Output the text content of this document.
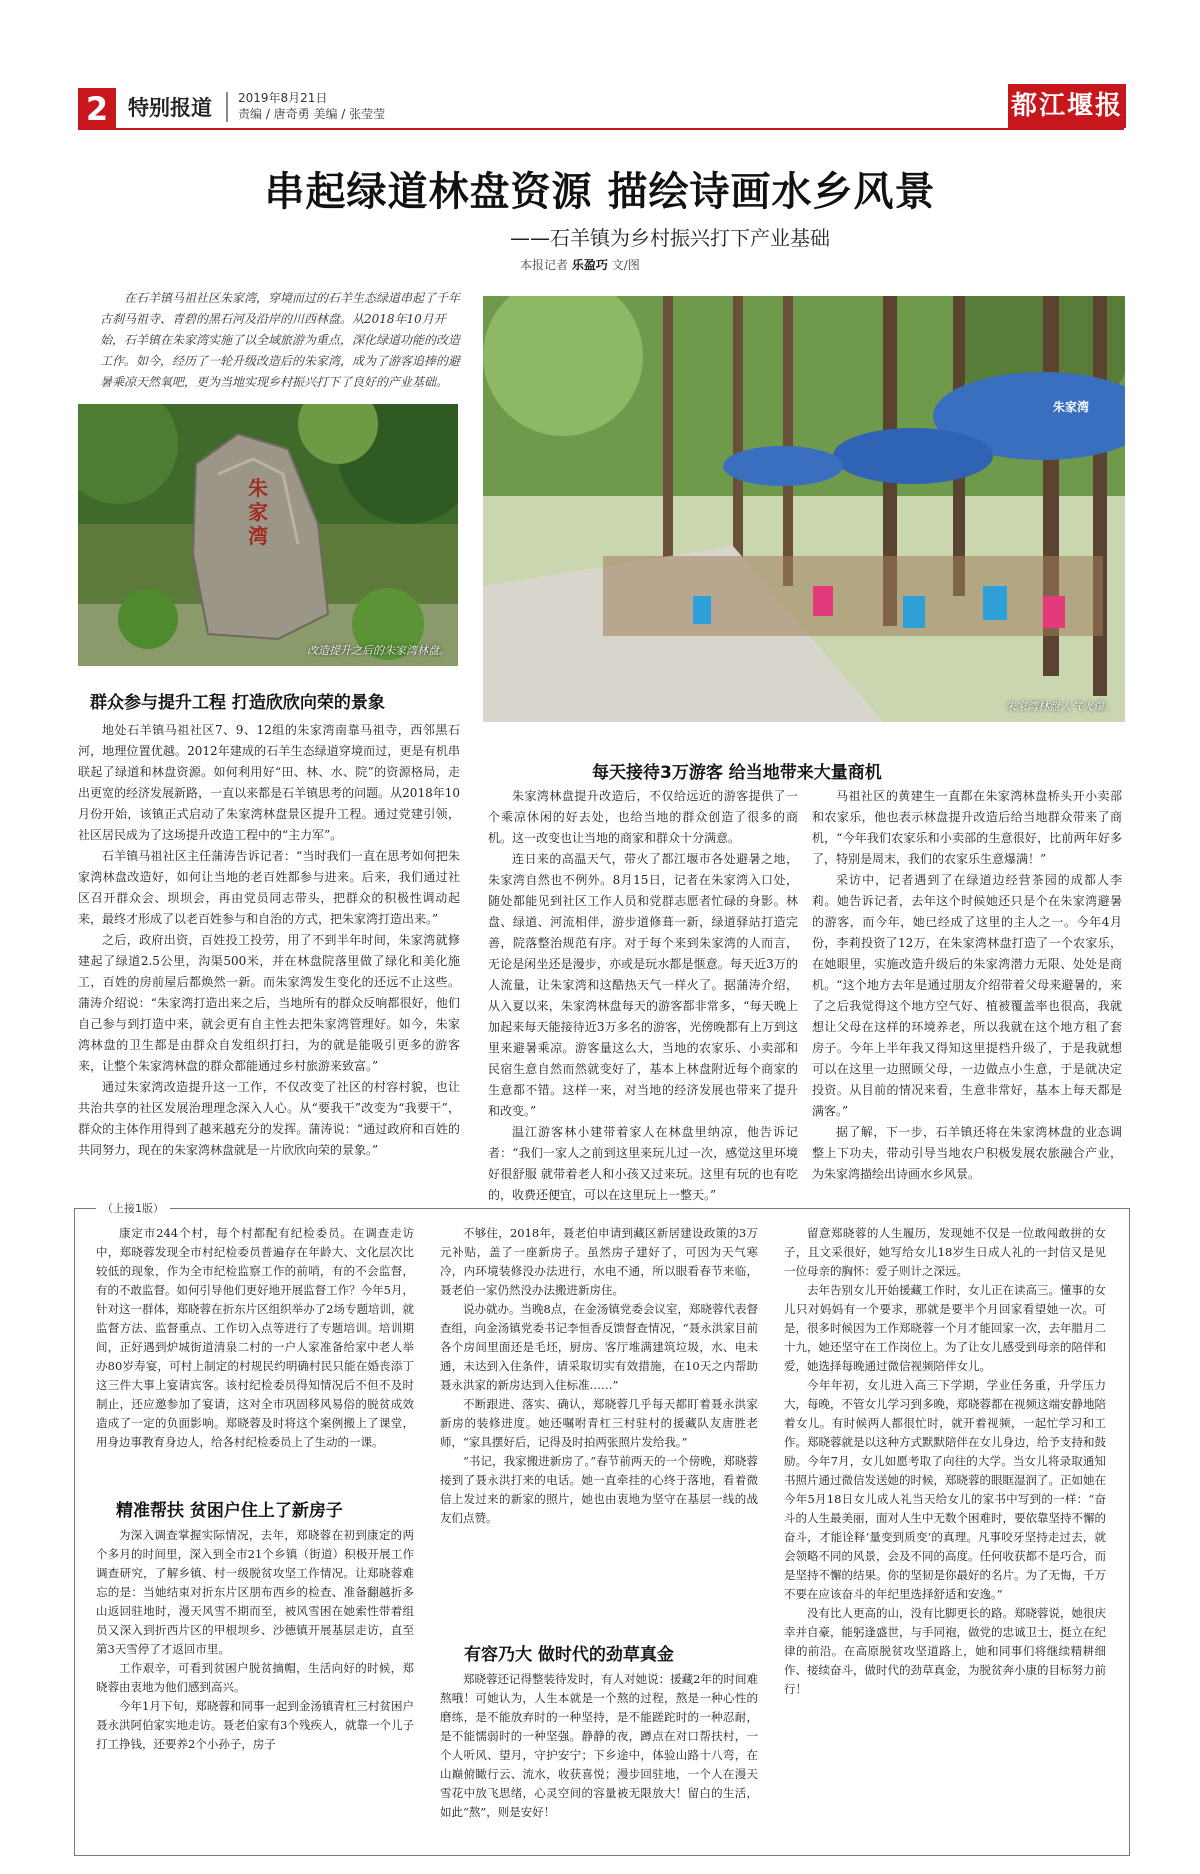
2 特别报道 2019年8月21日
责编 / 唐奇勇 美编 / 张莹莹	都江堰报
串起绿道林盘资源 描绘诗画水乡风景
——石羊镇为乡村振兴打下产业基础
本报记者 乐盈巧 文/图

在石羊镇马祖社区朱家湾，穿境而过的石羊生态绿道串起了千年古刹马祖寺、青碧的黑石河及沿岸的川西林盘。从2018年10月开始，石羊镇在朱家湾实施了以全域旅游为重点，深化绿道功能的改造工作。如今，经历了一轮升级改造后的朱家湾，成为了游客追捧的避暑乘凉天然氧吧，更为当地实现乡村振兴打下了良好的产业基础。

朱家湾
改造提升之后的朱家湾林盘。
朱家湾
朱家湾林盘人气火爆。
群众参与提升工程 打造欣欣向荣的景象

地处石羊镇马祖社区7、9、12组的朱家湾南靠马祖寺，西邻黑石河，地理位置优越。2012年建成的石羊生态绿道穿境而过，更是有机串联起了绿道和林盘资源。如何利用好“田、林、水、院”的资源格局，走出更宽的经济发展新路，一直以来都是石羊镇思考的问题。从2018年10月份开始，该镇正式启动了朱家湾林盘景区提升工程。通过党建引领，社区居民成为了这场提升改造工程中的“主力军”。

石羊镇马祖社区主任蒲涛告诉记者：“当时我们一直在思考如何把朱家湾林盘改造好，如何让当地的老百姓都参与进来。后来，我们通过社区召开群众会、坝坝会，再由党员同志带头，把群众的积极性调动起来，最终才形成了以老百姓参与和自治的方式，把朱家湾打造出来。”

之后，政府出资，百姓投工投劳，用了不到半年时间，朱家湾就修建起了绿道2.5公里，沟渠500米，并在林盘院落里做了绿化和美化施工，百姓的房前屋后都焕然一新。而朱家湾发生变化的还远不止这些。蒲涛介绍说：“朱家湾打造出来之后，当地所有的群众反响都很好，他们自己参与到打造中来，就会更有自主性去把朱家湾管理好。如今，朱家湾林盘的卫生都是由群众自发组织打扫，为的就是能吸引更多的游客来，让整个朱家湾林盘的群众都能通过乡村旅游来致富。”

通过朱家湾改造提升这一工作，不仅改变了社区的村容村貌，也让共治共享的社区发展治理理念深入人心。从“要我干”改变为“我要干”，群众的主体作用得到了越来越充分的发挥。蒲涛说：“通过政府和百姓的共同努力，现在的朱家湾林盘就是一片欣欣向荣的景象。”

每天接待3万游客 给当地带来大量商机

朱家湾林盘提升改造后，不仅给远近的游客提供了一个乘凉休闲的好去处，也给当地的群众创造了很多的商机。这一改变也让当地的商家和群众十分满意。

连日来的高温天气，带火了都江堰市各处避暑之地，朱家湾自然也不例外。8月15日，记者在朱家湾入口处，随处都能见到社区工作人员和党群志愿者忙碌的身影。林盘、绿道、河流相伴，游步道修葺一新，绿道驿站打造完善，院落整治规范有序。对于每个来到朱家湾的人而言，无论是闲坐还是漫步，亦或是玩水都是惬意。每天近3万的人流量，让朱家湾和这酷热天气一样火了。据蒲涛介绍，从入夏以来，朱家湾林盘每天的游客都非常多，“每天晚上加起来每天能接待近3万多名的游客，光傍晚都有上万到这里来避暑乘凉。游客量这么大，当地的农家乐、小卖部和民宿生意自然而然就变好了，基本上林盘附近每个商家的生意都不错。这样一来，对当地的经济发展也带来了提升和改变。”

温江游客林小建带着家人在林盘里纳凉，他告诉记者：“我们一家人之前到这里来玩儿过一次，感觉这里环境好很舒服 就带着老人和小孩又过来玩。这里有玩的也有吃的，收费还便宜，可以在这里玩上一整天。”

马祖社区的黄建生一直都在朱家湾林盘桥头开小卖部和农家乐，他也表示林盘提升改造后给当地群众带来了商机，“今年我们农家乐和小卖部的生意很好，比前两年好多了，特别是周末，我们的农家乐生意爆满！”

采访中，记者遇到了在绿道边经营茶园的成都人李莉。她告诉记者，去年这个时候她还只是个在朱家湾避暑的游客，而今年，她已经成了这里的主人之一。今年4月份，李莉投资了12万，在朱家湾林盘打造了一个农家乐，在她眼里，实施改造升级后的朱家湾潜力无限、处处是商机。“这个地方去年是通过朋友介绍带着父母来避暑的，来了之后我觉得这个地方空气好、植被覆盖率也很高，我就想让父母在这样的环境养老，所以我就在这个地方租了套房子。今年上半年我又得知这里提档升级了，于是我就想可以在这里一边照顾父母，一边做点小生意，于是就决定投资。从目前的情况来看，生意非常好，基本上每天都是满客。”

据了解，下一步，石羊镇还将在朱家湾林盘的业态调整上下功夫，带动引导当地农户积极发展农旅融合产业，为朱家湾描绘出诗画水乡风景。

（上接1版）

康定市244个村，每个村都配有纪检委员。在调查走访中，郑晓蓉发现全市村纪检委员普遍存在年龄大、文化层次比较低的现象，作为全市纪检监察工作的前哨，有的不会监督，有的不敢监督。如何引导他们更好地开展监督工作？今年5月，针对这一群体，郑晓蓉在折东片区组织举办了2场专题培训，就监督方法、监督重点、工作切入点等进行了专题培训。培训期间，正好遇到炉城街道清泉二村的一户人家准备给家中老人举办80岁寿宴，可村上制定的村规民约明确村民只能在婚丧添丁这三件大事上宴请宾客。该村纪检委员得知情况后不但不及时制止，还应邀参加了宴请，这对全市巩固移风易俗的脱贫成效造成了一定的负面影响。郑晓蓉及时将这个案例搬上了课堂，用身边事教育身边人，给各村纪检委员上了生动的一课。

精准帮扶 贫困户住上了新房子

为深入调查掌握实际情况，去年，郑晓蓉在初到康定的两个多月的时间里，深入到全市21个乡镇（街道）积极开展工作调查研究，了解乡镇、村一级脱贫攻坚工作情况。让郑晓蓉难忘的是：当她结束对折东片区朋布西乡的检查、准备翻越折多山返回驻地时，漫天风雪不期而至，被风雪困在她索性带着组员又深入到折西片区的甲根坝乡、沙德镇开展基层走访，直至第3天雪停了才返回市里。

工作艰辛，可看到贫困户脱贫摘帽，生活向好的时候，郑晓蓉由衷地为他们感到高兴。

今年1月下旬，郑晓蓉和同事一起到金汤镇青杠三村贫困户聂永洪阿伯家实地走访。聂老伯家有3个残疾人，就靠一个儿子打工挣钱，还要养2个小孙子，房子

不够住，2018年，聂老伯申请到藏区新居建设政策的3万元补贴，盖了一座新房子。虽然房子建好了，可因为天气寒冷，内环境装修没办法进行，水电不通，所以眼看春节来临，聂老伯一家仍然没办法搬进新房住。

说办就办。当晚8点，在金汤镇党委会议室，郑晓蓉代表督查组，向金汤镇党委书记李恒香反馈督查情况，“聂永洪家目前各个房间里面还是毛坯，厨房、客厅堆满建筑垃圾，水、电未通，未达到入住条件，请采取切实有效措施，在10天之内帮助聂永洪家的新房达到入住标准……”

不断跟进、落实、确认，郑晓蓉几乎每天都盯着聂永洪家新房的装修进度。她还嘱咐青杠三村驻村的援藏队友唐胜老师，“家具摆好后，记得及时拍两张照片发给我。”

“书记，我家搬进新房了。”春节前两天的一个傍晚，郑晓蓉接到了聂永洪打来的电话。她一直牵挂的心终于落地，看着微信上发过来的新家的照片，她也由衷地为坚守在基层一线的战友们点赞。

有容乃大 做时代的劲草真金

郑晓蓉还记得整装待发时，有人对她说：援藏2年的时间难熬哦！可她认为，人生本就是一个熬的过程，熬是一种心性的磨练，是不能放弃时的一种坚持，是不能蹉跎时的一种忍耐，是不能懦弱时的一种坚强。静静的夜，蹲点在对口帮扶村，一个人听风、望月，守护安宁；下乡途中，体验山路十八弯，在山巅俯瞰行云、流水，收获喜悦；漫步回驻地，一个人在漫天雪花中放飞思绪，心灵空间的容量被无限放大！留白的生活，如此“熬”，则是安好！

留意郑晓蓉的人生履历，发现她不仅是一位敢闯敢拼的女子，且文采很好，她写给女儿18岁生日成人礼的一封信又是见一位母亲的胸怀：爱子则计之深远。

去年告别女儿开始援藏工作时，女儿正在读高三。懂事的女儿只对妈妈有一个要求，那就是要半个月回家看望她一次。可是，很多时候因为工作郑晓蓉一个月才能回家一次，去年腊月二十九，她还坚守在工作岗位上。为了让女儿感受到母亲的陪伴和爱，她选择每晚通过微信视频陪伴女儿。

今年年初，女儿进入高三下学期，学业任务重，升学压力大，每晚，不管女儿学习到多晚，郑晓蓉都在视频这端安静地陪着女儿。有时候两人都很忙时，就开着视频，一起忙学习和工作。郑晓蓉就是以这种方式默默陪伴在女儿身边，给予支持和鼓励。今年7月，女儿如愿考取了向往的大学。当女儿将录取通知书照片通过微信发送她的时候，郑晓蓉的眼眶湿润了。正如她在今年5月18日女儿成人礼当天给女儿的家书中写到的一样：“奋斗的人生最美丽，面对人生中无数个困难时，要依靠坚持不懈的奋斗，才能诠释‘量变到质变’的真理。凡事咬牙坚持走过去，就会领略不同的风景，会及不同的高度。任何收获都不是巧合，而是坚持不懈的结果。你的坚韧是你最好的名片。为了无悔，千万不要在应该奋斗的年纪里选择舒适和安逸。”

没有比人更高的山，没有比脚更长的路。郑晓蓉说，她很庆幸并自豪，能躬逢盛世，与手同袍，做党的忠诚卫士，挺立在纪律的前沿。在高原脱贫攻坚道路上，她和同事们将继续精耕细作、接续奋斗，做时代的劲草真金，为脱贫奔小康的目标努力前行！
